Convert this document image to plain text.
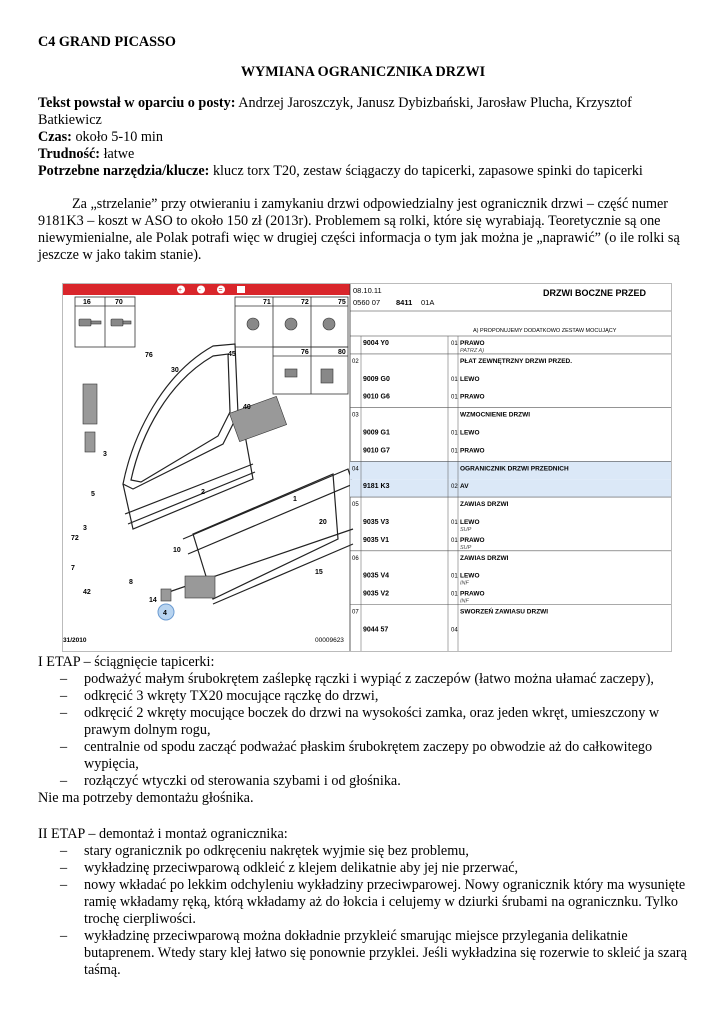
C4 GRAND PICASSO

WYMIANA OGRANICZNIKA DRZWI

Tekst powstał w oparciu o posty: Andrzej Jaroszczyk, Janusz Dybizbański, Jarosław Plucha, Krzysztof Batkiewicz
Czas: około 5-10 min
Trudność: łatwe
Potrzebne narzędzia/klucze: klucz torx T20, zestaw ściągaczy do tapicerki, zapasowe spinki do tapicerki

Za „strzelanie” przy otwieraniu i zamykaniu drzwi odpowiedzialny jest ogranicznik drzwi – część numer 9181K3 – koszt w ASO to około 150 zł (2013r). Problemem są rolki, które się wyrabiają. Teoretycznie są one niewymienialne, ale Polak potrafi więc w drugiej części informacja o tym jak można je „naprawić” (o ile rolki są jeszcze w jako takim stanie).

+ -	=
16	70	71	72	75
76	80
76
30
45
40
3
5
72
7
10
20
15
4
1
3
2
8
14
42
31/2010	00009623
08.10.11
0560 07 8411 01A
DRZWI BOCZNE PRZED
A) PROPONUJEMY DODATKOWO ZESTAW MOCUJĄCY
9004 Y0	01 PRAWO
PATRZ A)
02	PŁAT ZEWNĘTRZNY DRZWI PRZED.
9009 G0	01 LEWO
9010 G6	01 PRAWO
03	WZMOCNIENIE DRZWI
9009 G1	01 LEWO
9010 G7	01 PRAWO
04	OGRANICZNIK DRZWI PRZEDNICH
9181 K3	02 AV
05	ZAWIAS DRZWI
9035 V3	01 LEWO
SUP
9035 V1	01 PRAWO
SUP
06	ZAWIAS DRZWI
9035 V4	01 LEWO
INF
9035 V2	01 PRAWO
INF
07	SWORZEŃ ZAWIASU DRZWI
9044 57	04
I ETAP – ściągnięcie tapicerki:
– podważyć małym śrubokrętem zaślepkę rączki i wypiąć z zaczepów (łatwo można ułamać zaczepy),
– odkręcić 3 wkręty TX20 mocujące rączkę do drzwi,
– odkręcić 2 wkręty mocujące boczek do drzwi na wysokości zamka, oraz jeden wkręt, umieszczony w prawym dolnym rogu,
– centralnie od spodu zacząć podważać płaskim śrubokrętem zaczepy po obwodzie aż do całkowitego wypięcia,
– rozłączyć wtyczki od sterowania szybami i od głośnika.
Nie ma potrzeby demontażu głośnika.
II ETAP – demontaż i montaż ogranicznika:
– stary ogranicznik po odkręceniu nakrętek wyjmie się bez problemu,
– wykładzinę przeciwparową odkleić z klejem delikatnie aby jej nie przerwać,
– nowy wkładać po lekkim odchyleniu wykładziny przeciwparowej. Nowy ogranicznik który ma wysunięte ramię wkładamy ręką, którą wkładamy aż do łokcia i celujemy w dziurki śrubami na ogranicznku. Tylko trochę cierpliwości.
– wykładzinę przeciwparową można dokładnie przykleić smarując miejsce przylegania delikatnie butaprenem. Wtedy stary klej łatwo się ponownie przyklei. Jeśli wykładzina się rozerwie to skleić ja szarą taśmą.
